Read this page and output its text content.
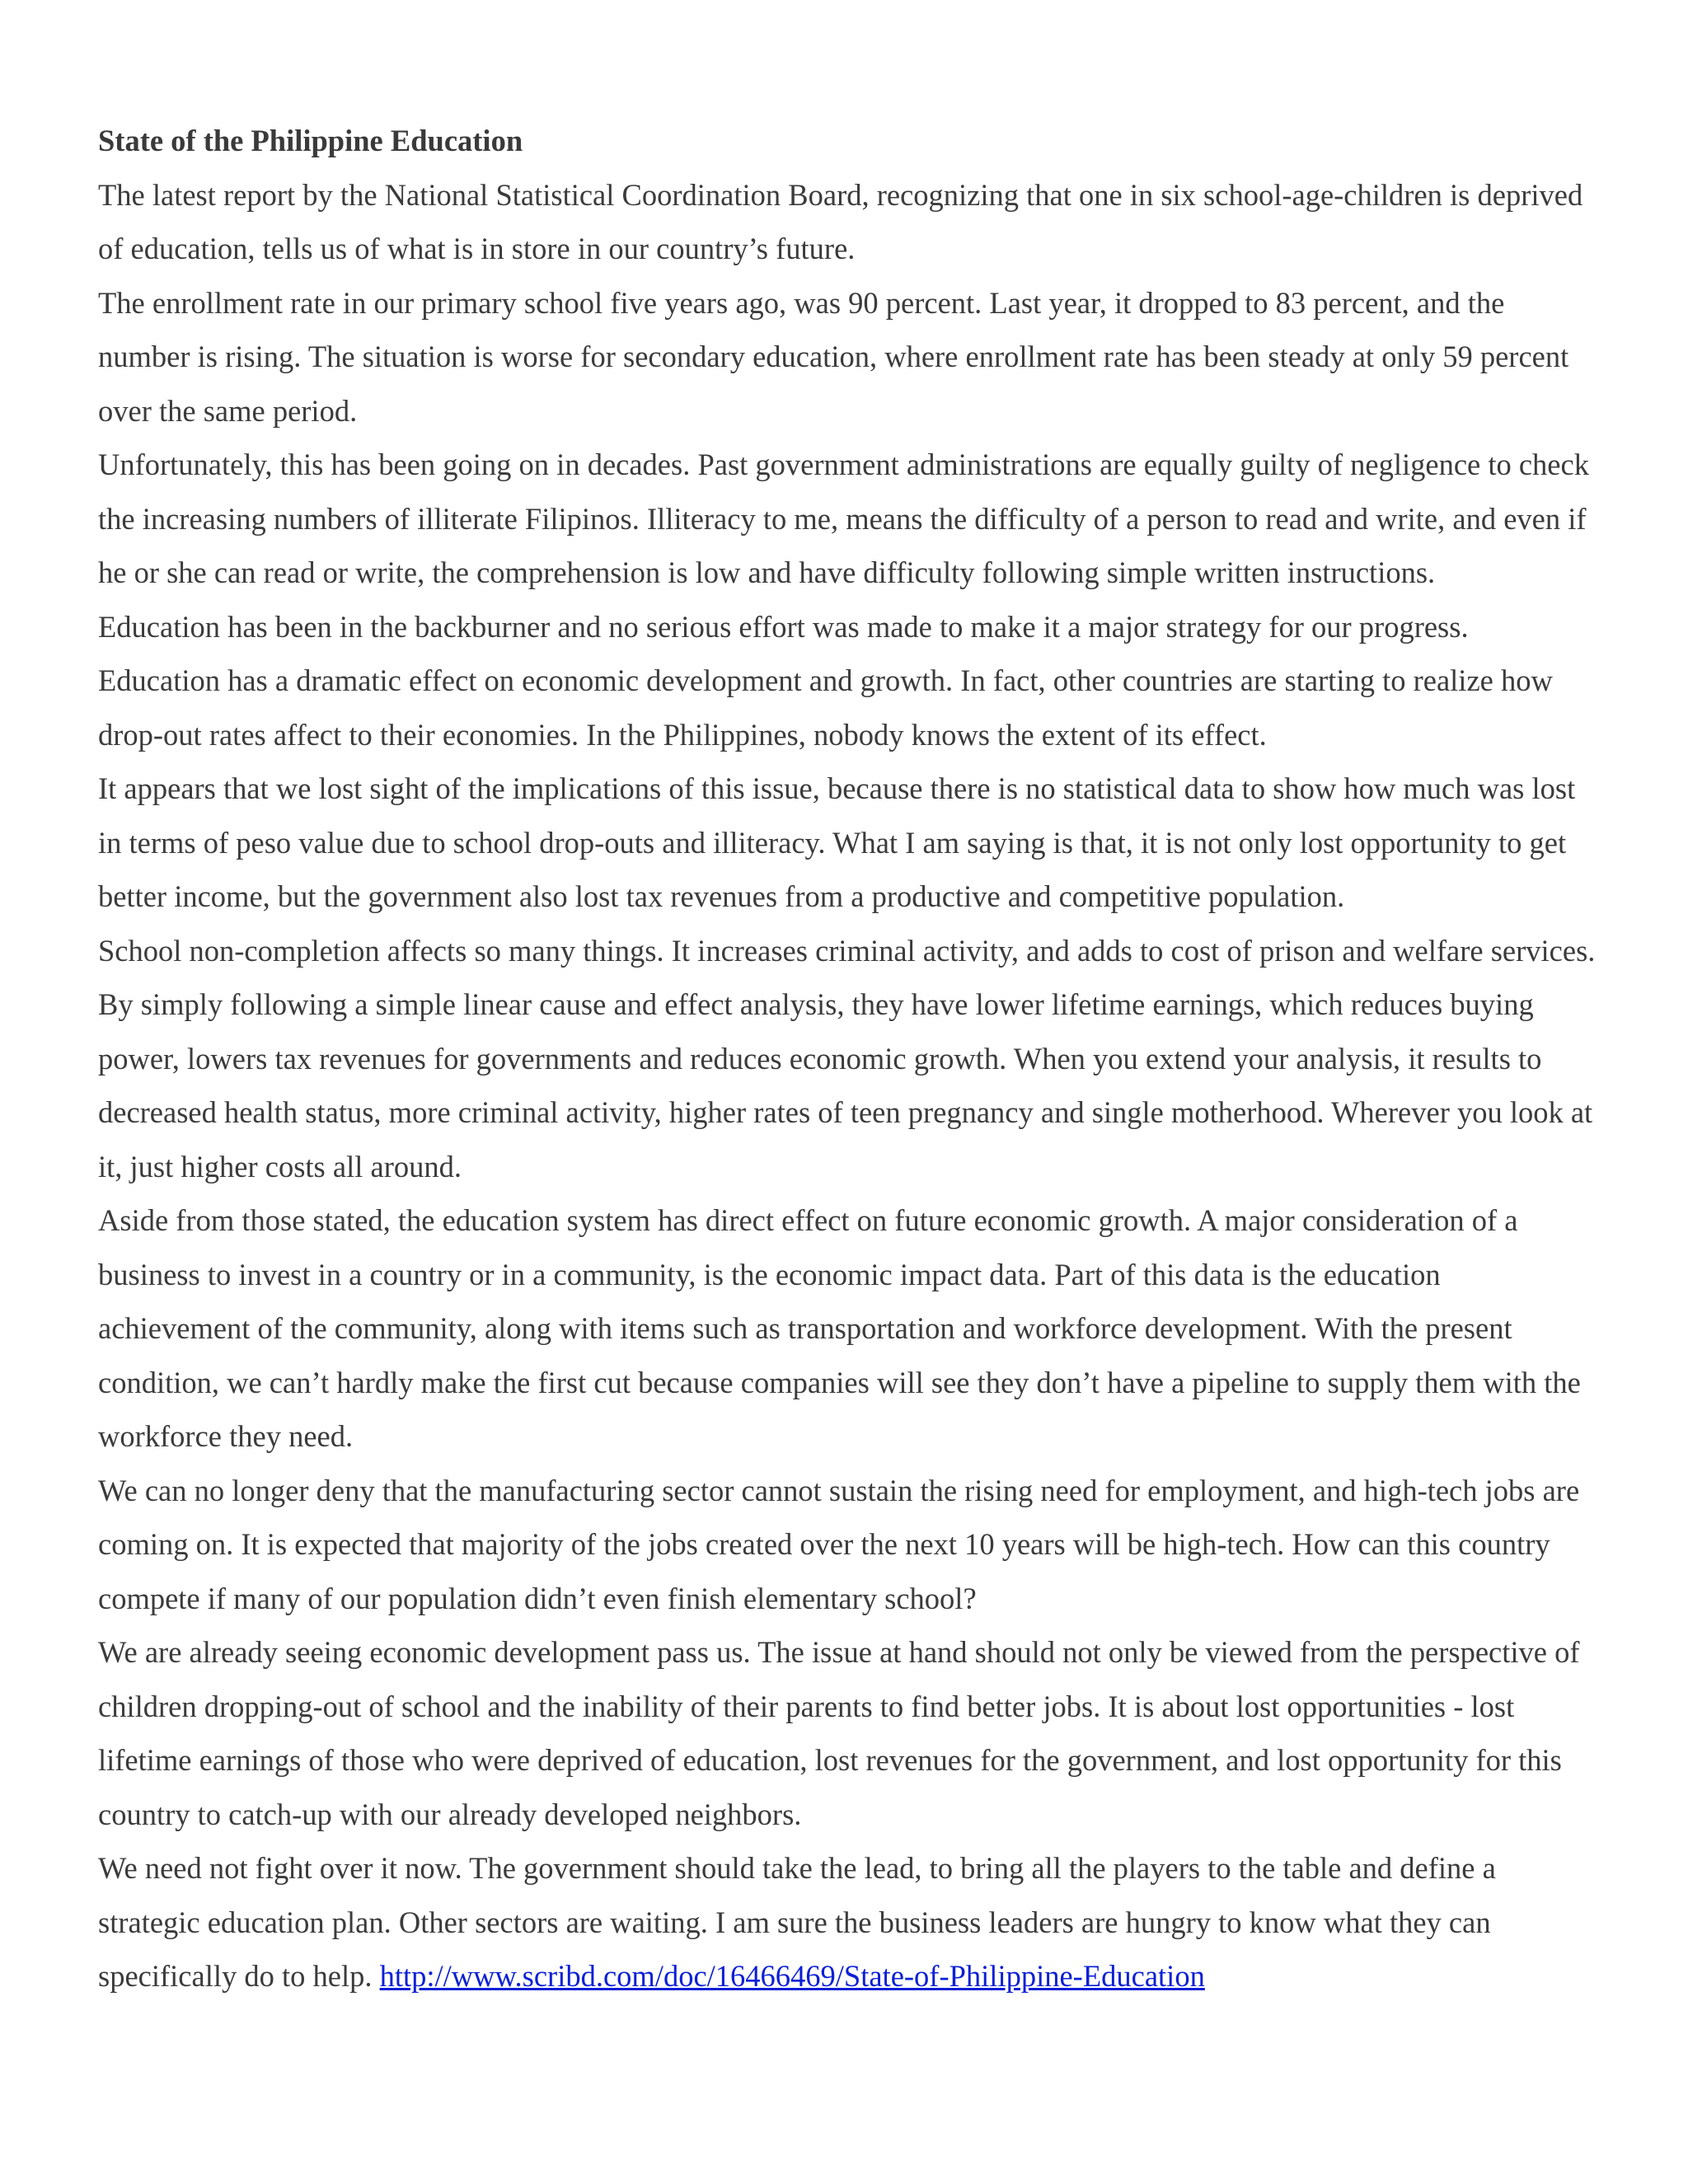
State of the Philippine Education

The latest report by the National Statistical Coordination Board, recognizing that one in six school-age-children is deprived of education, tells us of what is in store in our country’s future.

The enrollment rate in our primary school five years ago, was 90 percent. Last year, it dropped to 83 percent, and the number is rising. The situation is worse for secondary education, where enrollment rate has been steady at only 59 percent over the same period.

Unfortunately, this has been going on in decades. Past government administrations are equally guilty of negligence to check the increasing numbers of illiterate Filipinos. Illiteracy to me, means the difficulty of a person to read and write, and even if he or she can read or write, the comprehension is low and have difficulty following simple written instructions.

Education has been in the backburner and no serious effort was made to make it a major strategy for our progress.

Education has a dramatic effect on economic development and growth. In fact, other countries are starting to realize how drop-out rates affect to their economies. In the Philippines, nobody knows the extent of its effect.

It appears that we lost sight of the implications of this issue, because there is no statistical data to show how much was lost in terms of peso value due to school drop-outs and illiteracy. What I am saying is that, it is not only lost opportunity to get better income, but the government also lost tax revenues from a productive and competitive population.

School non-completion affects so many things. It increases criminal activity, and adds to cost of prison and welfare services. By simply following a simple linear cause and effect analysis, they have lower lifetime earnings, which reduces buying power, lowers tax revenues for governments and reduces economic growth. When you extend your analysis, it results to decreased health status, more criminal activity, higher rates of teen pregnancy and single motherhood. Wherever you look at it, just higher costs all around.

Aside from those stated, the education system has direct effect on future economic growth. A major consideration of a business to invest in a country or in a community, is the economic impact data. Part of this data is the education achievement of the community, along with items such as transportation and workforce development. With the present condition, we can’t hardly make the first cut because companies will see they don’t have a pipeline to supply them with the workforce they need.

We can no longer deny that the manufacturing sector cannot sustain the rising need for employment, and high-tech jobs are coming on. It is expected that majority of the jobs created over the next 10 years will be high-tech. How can this country compete if many of our population didn’t even finish elementary school?

We are already seeing economic development pass us. The issue at hand should not only be viewed from the perspective of children dropping-out of school and the inability of their parents to find better jobs. It is about lost opportunities - lost lifetime earnings of those who were deprived of education, lost revenues for the government, and lost opportunity for this country to catch-up with our already developed neighbors.

We need not fight over it now. The government should take the lead, to bring all the players to the table and define a strategic education plan. Other sectors are waiting. I am sure the business leaders are hungry to know what they can specifically do to help. http://www.scribd.com/doc/16466469/State-of-Philippine-Education
